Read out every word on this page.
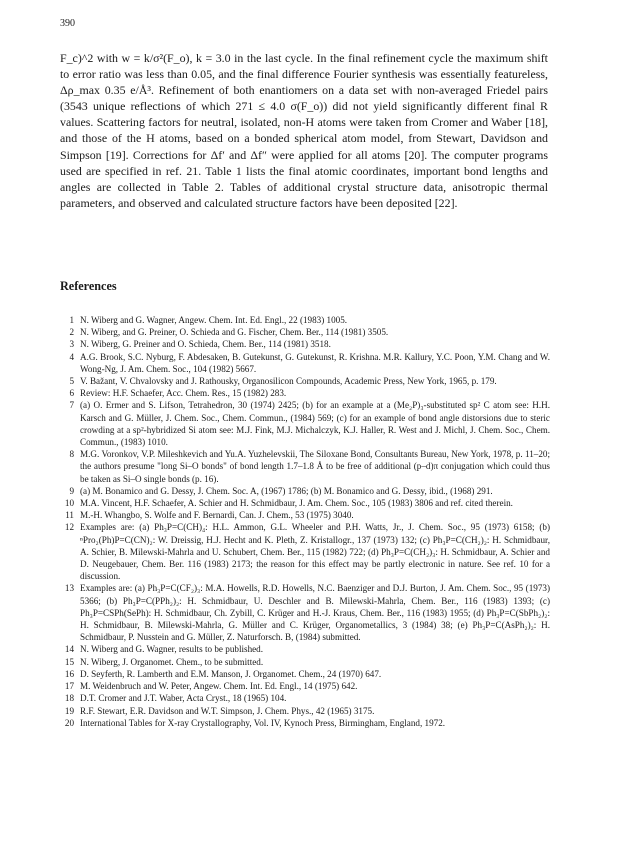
390

F_c)^2 with w = k/σ²(F_o), k = 3.0 in the last cycle. In the final refinement cycle the maximum shift to error ratio was less than 0.05, and the final difference Fourier synthesis was essentially featureless, Δρ_max 0.35 e/Å³. Refinement of both enantiomers on a data set with non-averaged Friedel pairs (3543 unique reflections of which 271 ≤ 4.0 σ(F_o)) did not yield significantly different final R values. Scattering factors for neutral, isolated, non-H atoms were taken from Cromer and Waber [18], and those of the H atoms, based on a bonded spherical atom model, from Stewart, Davidson and Simpson [19]. Corrections for Δf′ and Δf″ were applied for all atoms [20]. The computer programs used are specified in ref. 21. Table 1 lists the final atomic coordinates, important bond lengths and angles are collected in Table 2. Tables of additional crystal structure data, anisotropic thermal parameters, and observed and calculated structure factors have been deposited [22].

References
1 N. Wiberg and G. Wagner, Angew. Chem. Int. Ed. Engl., 22 (1983) 1005.
2 N. Wiberg, and G. Preiner, O. Schieda and G. Fischer, Chem. Ber., 114 (1981) 3505.
3 N. Wiberg, G. Preiner and O. Schieda, Chem. Ber., 114 (1981) 3518.
4 A.G. Brook, S.C. Nyburg, F. Abdesaken, B. Gutekunst, G. Gutekunst, R. Krishna. M.R. Kallury, Y.C. Poon, Y.M. Chang and W. Wong-Ng, J. Am. Chem. Soc., 104 (1982) 5667.
5 V. Bažant, V. Chvalovsky and J. Rathousky, Organosilicon Compounds, Academic Press, New York, 1965, p. 179.
6 Review: H.F. Schaefer, Acc. Chem. Res., 15 (1982) 283.
7 (a) O. Ermer and S. Lifson, Tetrahedron, 30 (1974) 2425; (b) for an example at a (Me₂P)₃-substituted sp² C atom see: H.H. Karsch and G. Müller, J. Chem. Soc., Chem. Commun., (1984) 569; (c) for an example of bond angle distorsions due to steric crowding at a sp²-hybridized Si atom see: M.J. Fink, M.J. Michalczyk, K.J. Haller, R. West and J. Michl, J. Chem. Soc., Chem. Commun., (1983) 1010.
8 M.G. Voronkov, V.P. Mileshkevich and Yu.A. Yuzhelevskii, The Siloxane Bond, Consultants Bureau, New York, 1978, p. 11–20; the authors presume "long Si–O bonds" of bond length 1.7–1.8 Å to be free of additional (p–d)π conjugation which could thus be taken as Si–O single bonds (p. 16).
9 (a) M. Bonamico and G. Dessy, J. Chem. Soc. A, (1967) 1786; (b) M. Bonamico and G. Dessy, ibid., (1968) 291.
10 M.A. Vincent, H.F. Schaefer, A. Schier and H. Schmidbaur, J. Am. Chem. Soc., 105 (1983) 3806 and ref. cited therein.
11 M.-H. Whangbo, S. Wolfe and F. Bernardi, Can. J. Chem., 53 (1975) 3040.
12 Examples are: (a) Ph₃P=C(CH)₄: H.L. Ammon, G.L. Wheeler and P.H. Watts, Jr., J. Chem. Soc., 95 (1973) 6158; (b) ⁿPro₂(Ph)P=C(CN)₂: W. Dreissig, H.J. Hecht and K. Pleth, Z. Kristallogr., 137 (1973) 132; (c) Ph₃P=C(CH₂)₂: H. Schmidbaur, A. Schier, B. Milewski-Mahrla and U. Schubert, Chem. Ber., 115 (1982) 722; (d) Ph₃P=C(CH₂)₃: H. Schmidbaur, A. Schier and D. Neugebauer, Chem. Ber. 116 (1983) 2173; the reason for this effect may be partly electronic in nature. See ref. 10 for a discussion.
13 Examples are: (a) Ph₃P=C(CF₂)₃: M.A. Howells, R.D. Howells, N.C. Baenziger and D.J. Burton, J. Am. Chem. Soc., 95 (1973) 5366; (b) Ph₃P=C(PPh₂)₂: H. Schmidbaur, U. Deschler and B. Milewski-Mahrla, Chem. Ber., 116 (1983) 1393; (c) Ph₃P=CSPh(SePh): H. Schmidbaur, Ch. Zybill, C. Krüger and H.-J. Kraus, Chem. Ber., 116 (1983) 1955; (d) Ph₃P=C(SbPh₂)₂: H. Schmidbaur, B. Milewski-Mahrla, G. Müller and C. Krüger, Organometallics, 3 (1984) 38; (e) Ph₃P=C(AsPh₂)₂: H. Schmidbaur, P. Nusstein and G. Müller, Z. Naturforsch. B, (1984) submitted.
14 N. Wiberg and G. Wagner, results to be published.
15 N. Wiberg, J. Organomet. Chem., to be submitted.
16 D. Seyferth, R. Lamberth and E.M. Manson, J. Organomet. Chem., 24 (1970) 647.
17 M. Weidenbruch and W. Peter, Angew. Chem. Int. Ed. Engl., 14 (1975) 642.
18 D.T. Cromer and J.T. Waber, Acta Cryst., 18 (1965) 104.
19 R.F. Stewart, E.R. Davidson and W.T. Simpson, J. Chem. Phys., 42 (1965) 3175.
20 International Tables for X-ray Crystallography, Vol. IV, Kynoch Press, Birmingham, England, 1972.
